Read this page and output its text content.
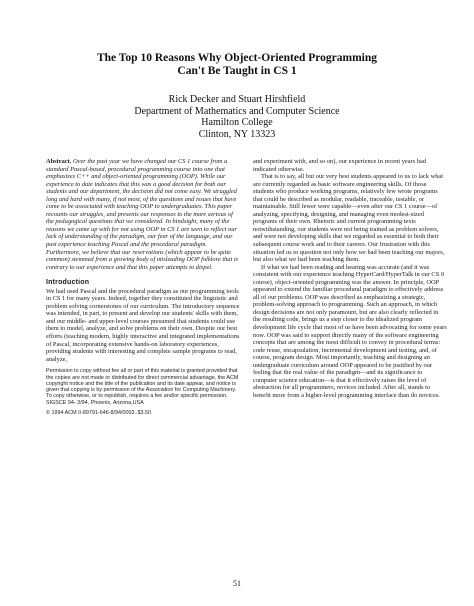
The Top 10 Reasons Why Object-Oriented Programming
Can't Be Taught in CS 1
Rick Decker and Stuart Hirshfield
Department of Mathematics and Computer Science
Hamilton College
Clinton, NY 13323

Abstract. Over the past year we have changed our CS 1 course from a standard Pascal-based, procedural programming course into one that emphasizes C++ and object-oriented programming (OOP). While our experience to date indicates that this was a good decision for both our students and our department, the decision did not come easy. We struggled long and hard with many, if not most, of the questions and issues that have come to be associated with teaching OOP to undergraduates. This paper recounts our struggles, and presents our responses to the more serious of the pedagogical questions that we considered. In hindsight, many of the reasons we came up with for not using OOP in CS 1 are seen to reflect our lack of understanding of the paradigm, our fear of the language, and our past experience teaching Pascal and the procedural paradigm. Furthermore, we believe that our reservations (which appear to be quite common) stemmed from a growing body of misleading OOP folklore that is contrary to our experience and that this paper attempts to dispel.

Introduction

We had used Pascal and the procedural paradigm as our programming tools in CS 1 for many years. Indeed, together they constituted the linguistic and problem solving cornerstones of our curriculum. The introductory sequence was intended, in part, to present and develop our students' skills with them, and our middle- and upper-level courses presumed that students could use them to model, analyze, and solve problems on their own. Despite our best efforts (teaching modern, highly interactive and integrated implementations of Pascal, incorporating extensive hands-on laboratory experiences, providing students with interesting and complete sample programs to read, analyze,

Permission to copy without fee all or part of this material is granted provided that the copies are not made or distributed for direct commercial advantage, the ACM copyright notice and the title of the publication and its date appear, and notice is given that copying is by permission of the Association for Computing Machinery. To copy otherwise, or to republish, requires a fee and/or specific permission.

SIGSCE 94- 3/94, Phoenix, Arizona,USA

© 1994 ACM 0-89791-646-8/94/0003..$3.50

and experiment with, and so on), our experience in recent years had indicated otherwise.

That is to say, all but our very best students appeared to us to lack what are currently regarded as basic software engineering skills. Of those students who produce working programs, relatively few wrote programs that could be described as modular, readable, traceable, testable, or maintainable. Still fewer were capable—even after our CS 1 course—of analyzing, specifying, designing, and managing even modest-sized programs of their own. Rhetoric and current programming texts notwithstanding, our students were not being trained as problem solvers, and were not developing skills that we regarded as essential to both their subsequent course work and to their careers. Our frustration with this situation led us to question not only how we had been teaching our majors, but also what we had been teaching them.

If what we had been reading and hearing was accurate (and it was consistent with our experience teaching HyperCard/HyperTalk in our CS 0 course), object-oriented programming was the answer. In principle, OOP appeared to extend the familiar procedural paradigm to effectively address all of our problems. OOP was described as emphasizing a strategic, problem-solving approach to programming. Such an approach, in which design decisions are not only paramount, but are also clearly reflected in the resulting code, brings us a step closer to the idealized program development life cycle that most of us have been advocating for some years now. OOP was said to support directly many of the software engineering concepts that are among the most difficult to convey in procedural terms: code reuse, encapsulation, incremental development and testing, and, of course, program design. Most importantly, teaching and designing an undergraduate curriculum around OOP appeared to be justified by our feeling that the real value of the paradigm—and its significance to computer science education—is that it effectively raises the level of abstraction for all programmers, novices included. After all, stands to benefit more from a higher-level programming interface than do novices.

51
